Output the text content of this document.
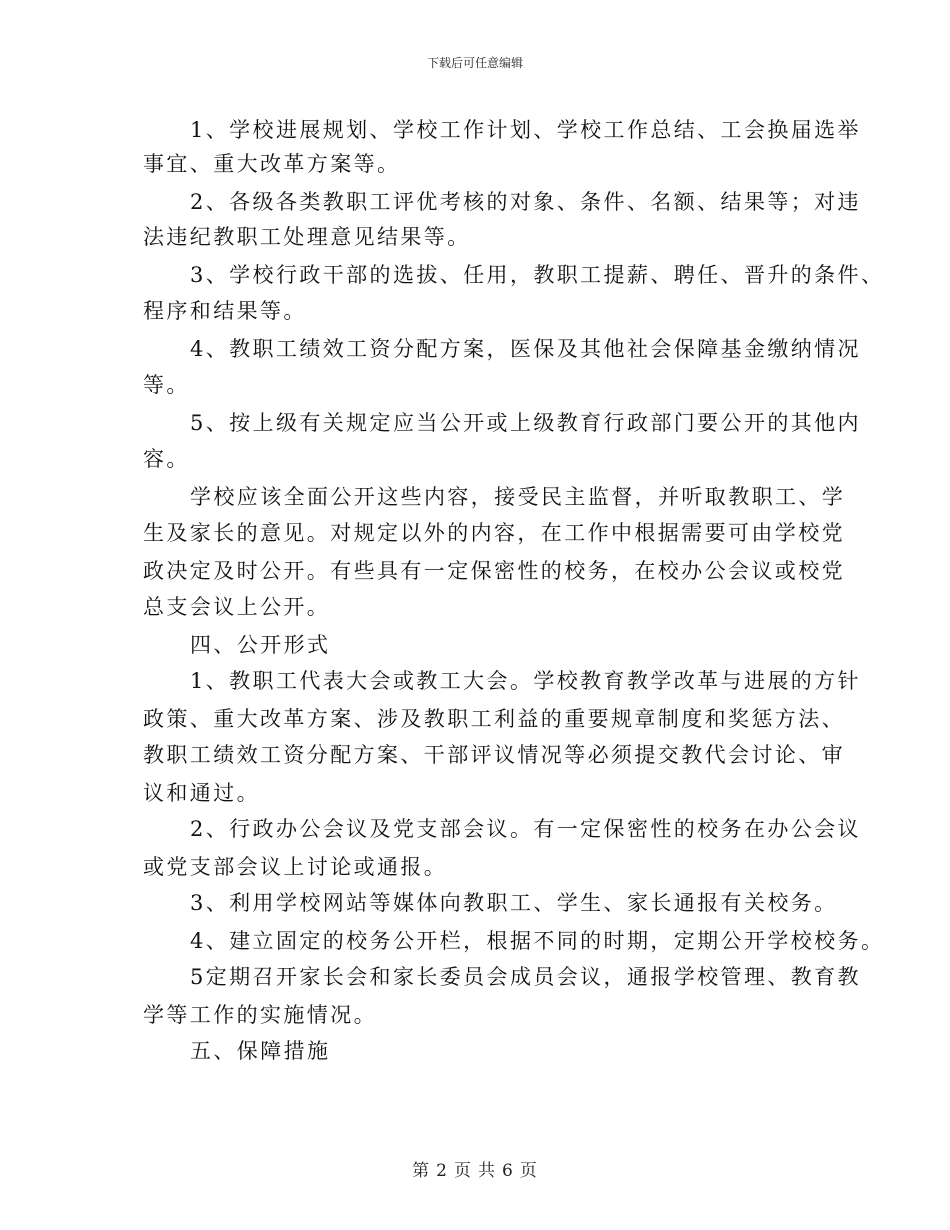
下载后可任意编辑
1、学校进展规划、学校工作计划、学校工作总结、工会换届选举
事宜、重大改革方案等。
2、各级各类教职工评优考核的对象、条件、名额、结果等；对违
法违纪教职工处理意见结果等。
3、学校行政干部的选拔、任用，教职工提薪、聘任、晋升的条件、
程序和结果等。
4、教职工绩效工资分配方案，医保及其他社会保障基金缴纳情况
等。
5、按上级有关规定应当公开或上级教育行政部门要公开的其他内
容。
学校应该全面公开这些内容，接受民主监督，并听取教职工、学
生及家长的意见。对规定以外的内容，在工作中根据需要可由学校党
政决定及时公开。有些具有一定保密性的校务，在校办公会议或校党
总支会议上公开。
四、公开形式
1、教职工代表大会或教工大会。学校教育教学改革与进展的方针
政策、重大改革方案、涉及教职工利益的重要规章制度和奖惩方法、
教职工绩效工资分配方案、干部评议情况等必须提交教代会讨论、审
议和通过。
2、行政办公会议及党支部会议。有一定保密性的校务在办公会议
或党支部会议上讨论或通报。
3、利用学校网站等媒体向教职工、学生、家长通报有关校务。
4、建立固定的校务公开栏，根据不同的时期，定期公开学校校务。
5定期召开家长会和家长委员会成员会议，通报学校管理、教育教
学等工作的实施情况。
五、保障措施
第 2 页 共 6 页
